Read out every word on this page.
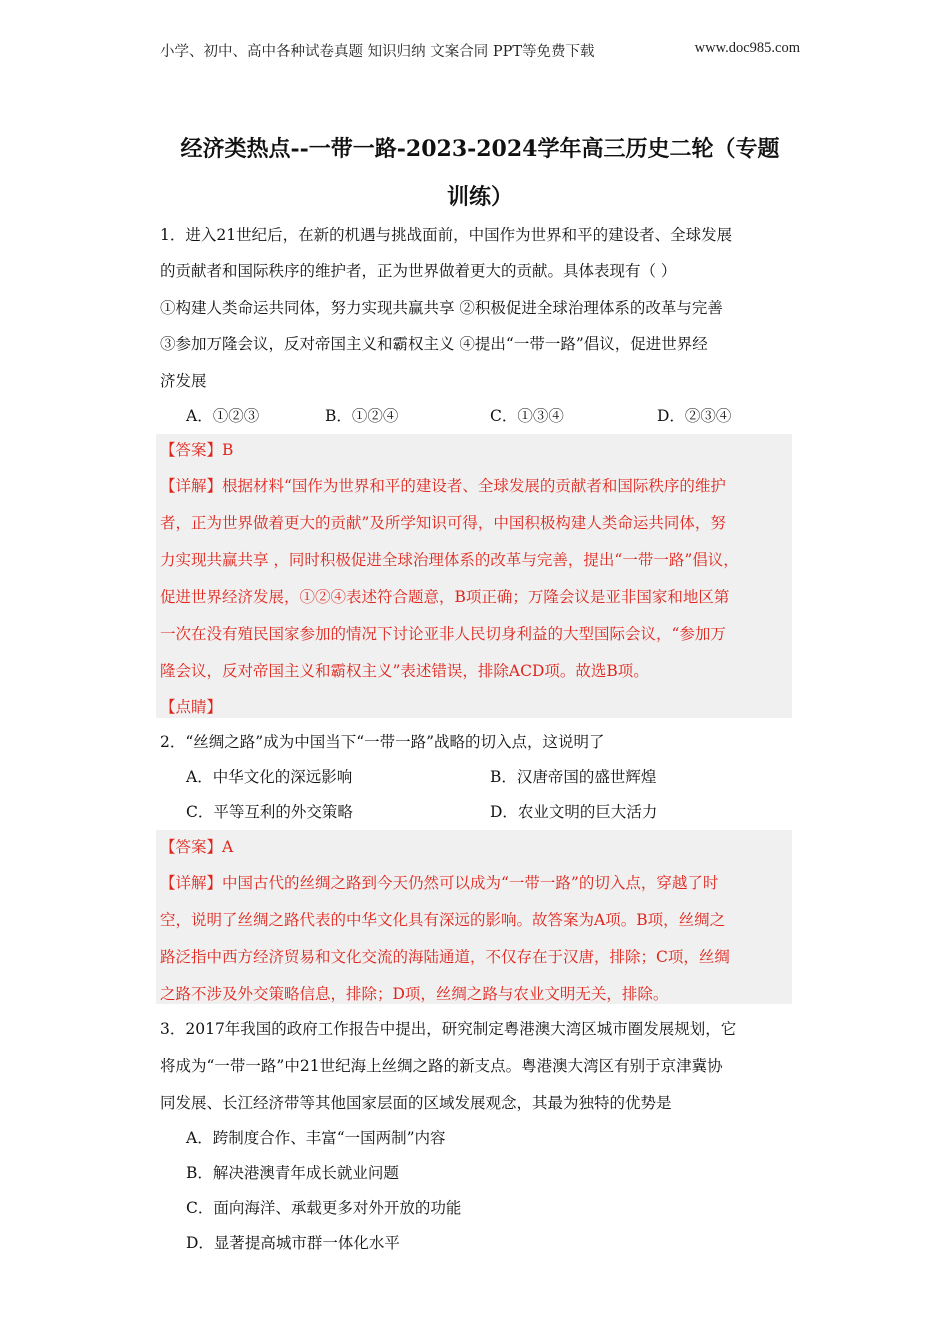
小学、初中、高中各种试卷真题 知识归纳 文案合同 PPT等免费下载	www.doc985.com
经济类热点--一带一路-2023-2024学年高三历史二轮（专题
训练）
1．进入21世纪后，在新的机遇与挑战面前，中国作为世界和平的建设者、全球发展
的贡献者和国际秩序的维护者，正为世界做着更大的贡献。具体表现有（ ）
①构建人类命运共同体，努力实现共赢共享 ②积极促进全球治理体系的改革与完善
③参加万隆会议，反对帝国主义和霸权主义 ④提出“一带一路”倡议，促进世界经
济发展
A．①②③	B．①②④	C．①③④	D．②③④
【答案】B
【详解】根据材料“国作为世界和平的建设者、全球发展的贡献者和国际秩序的维护
者，正为世界做着更大的贡献”及所学知识可得，中国积极构建人类命运共同体，努
力实现共赢共享 ，同时积极促进全球治理体系的改革与完善，提出“一带一路”倡议，
促进世界经济发展，①②④表述符合题意，B项正确；万隆会议是亚非国家和地区第
一次在没有殖民国家参加的情况下讨论亚非人民切身利益的大型国际会议，“参加万
隆会议，反对帝国主义和霸权主义”表述错误，排除ACD项。故选B项。
【点睛】
2．“丝绸之路”成为中国当下“一带一路”战略的切入点，这说明了
A．中华文化的深远影响	B．汉唐帝国的盛世辉煌
C．平等互利的外交策略	D．农业文明的巨大活力
【答案】A
【详解】中国古代的丝绸之路到今天仍然可以成为“一带一路”的切入点，穿越了时
空，说明了丝绸之路代表的中华文化具有深远的影响。故答案为A项。B项，丝绸之
路泛指中西方经济贸易和文化交流的海陆通道，不仅存在于汉唐，排除；C项，丝绸
之路不涉及外交策略信息，排除；D项，丝绸之路与农业文明无关，排除。
3．2017年我国的政府工作报告中提出，研究制定粤港澳大湾区城市圈发展规划，它
将成为“一带一路”中21世纪海上丝绸之路的新支点。粤港澳大湾区有别于京津冀协
同发展、长江经济带等其他国家层面的区域发展观念，其最为独特的优势是
A．跨制度合作、丰富“一国两制”内容
B．解决港澳青年成长就业问题
C．面向海洋、承载更多对外开放的功能
D．显著提高城市群一体化水平
